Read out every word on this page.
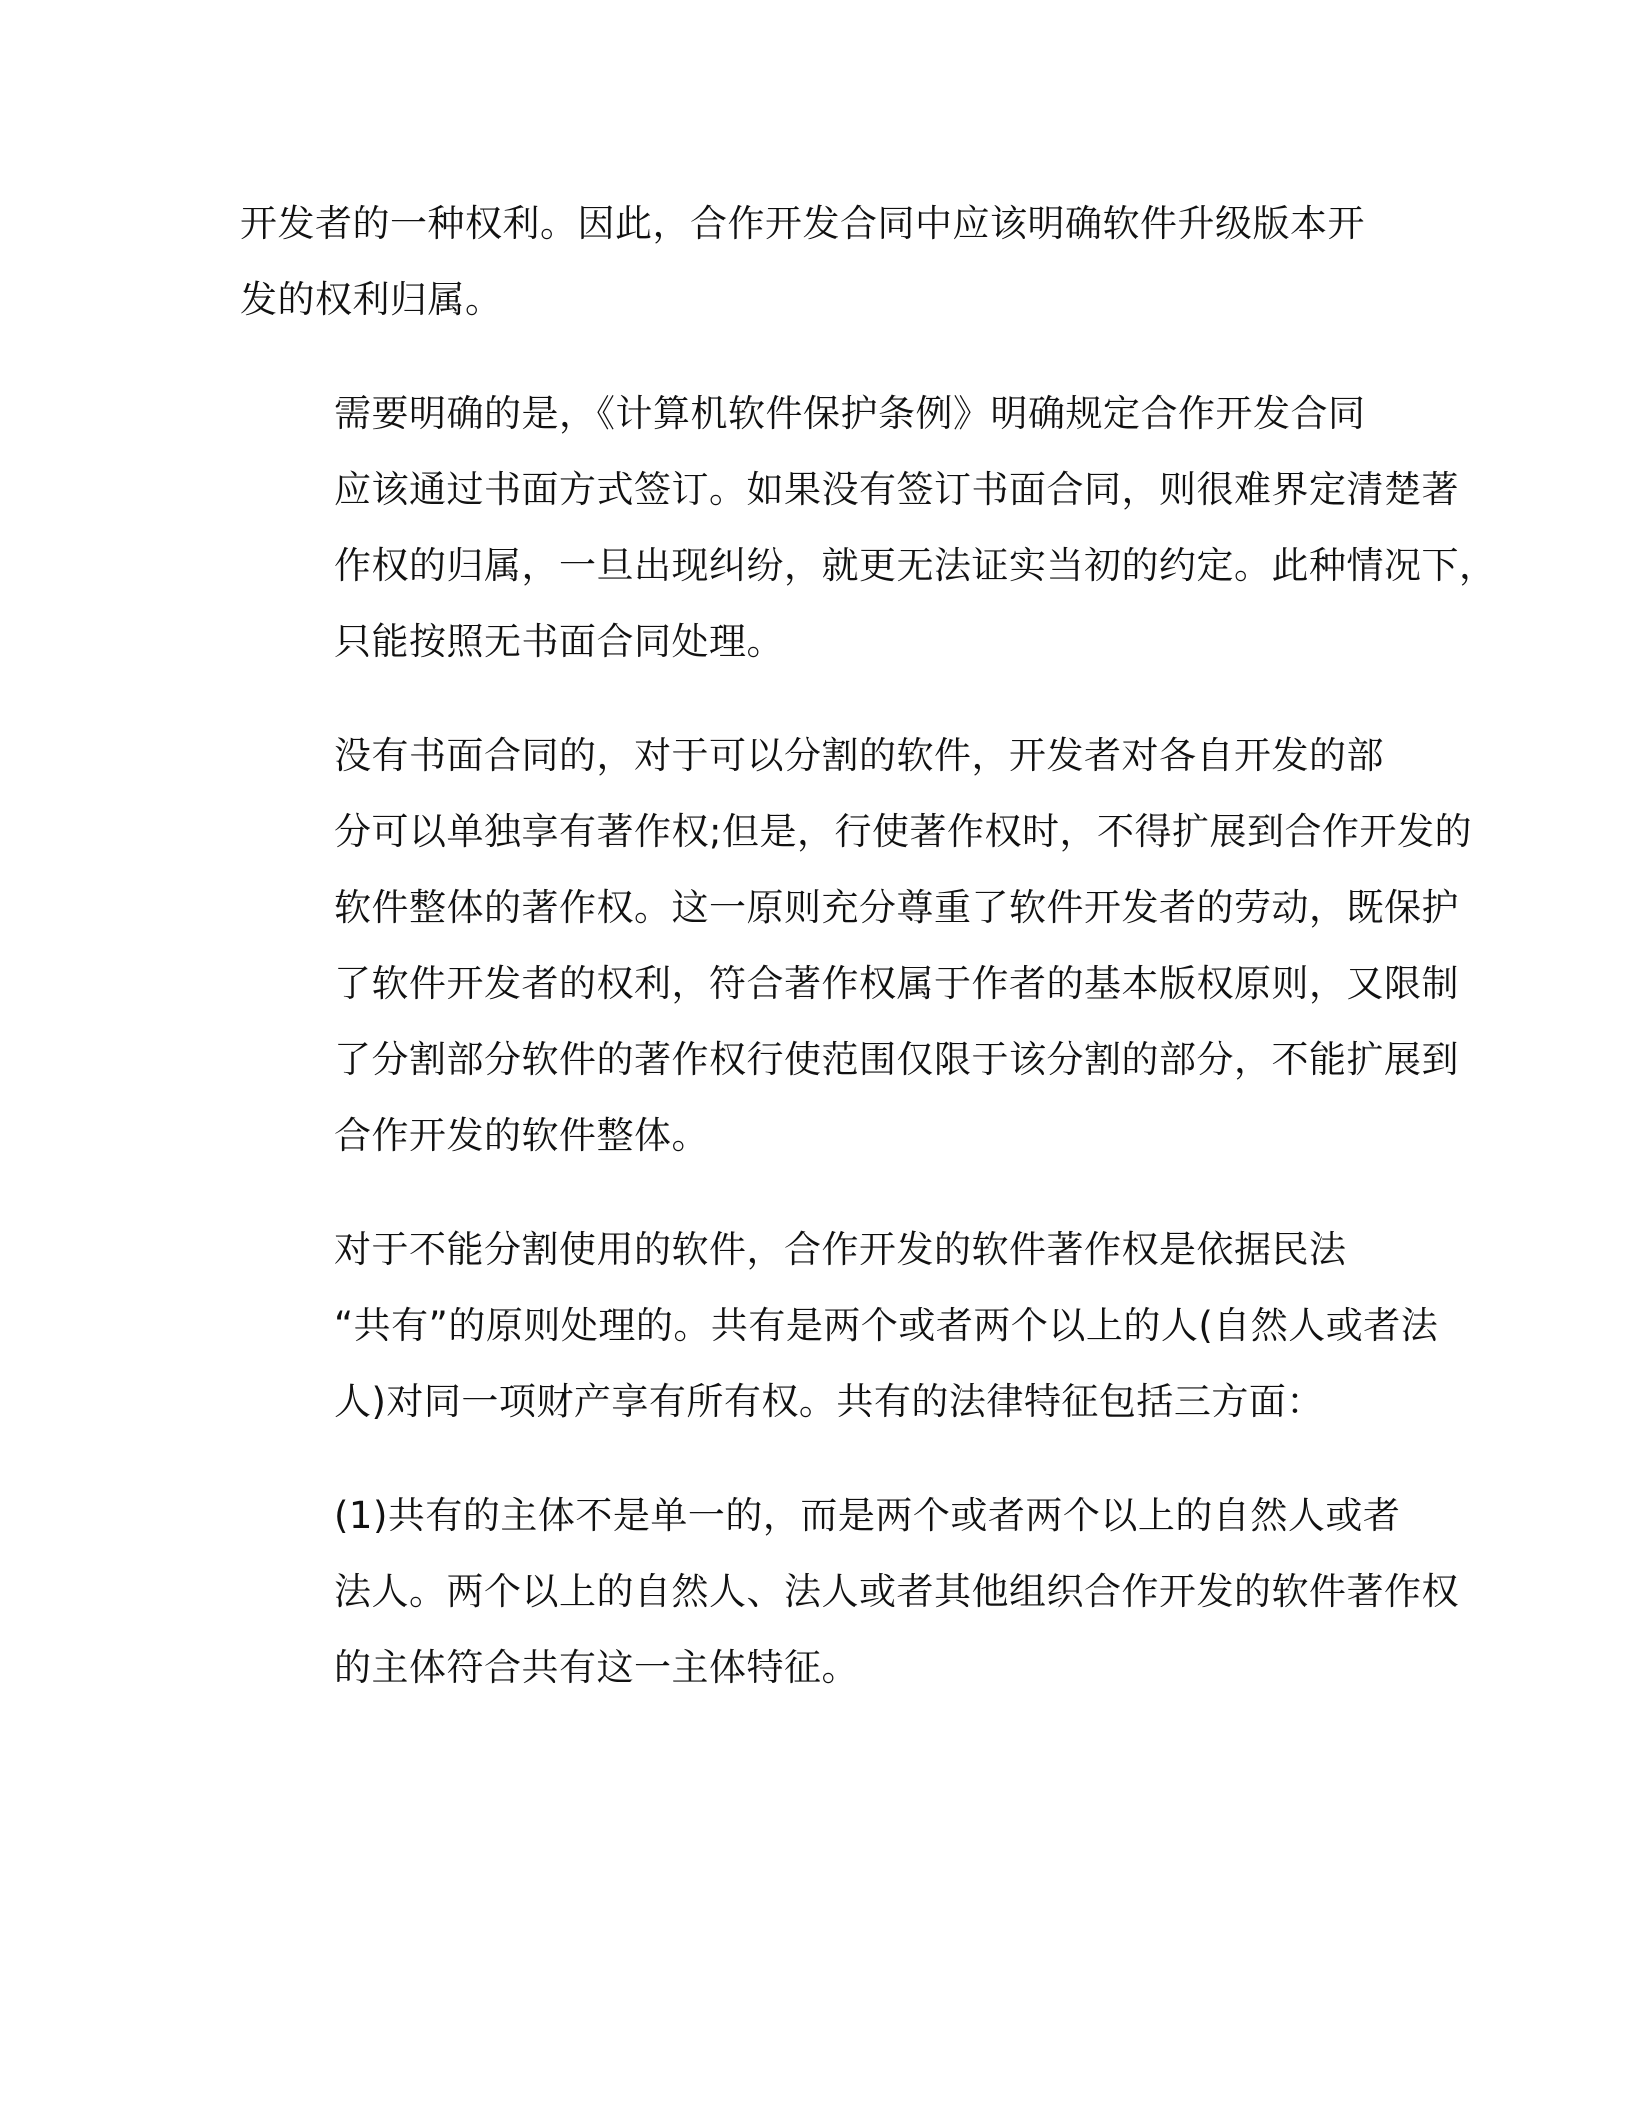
开发者的一种权利。因此，合作开发合同中应该明确软件升级版本开
发的权利归属。

需要明确的是，《计算机软件保护条例》明确规定合作开发合同
应该通过书面方式签订。如果没有签订书面合同，则很难界定清楚著
作权的归属，一旦出现纠纷，就更无法证实当初的约定。此种情况下，
只能按照无书面合同处理。

没有书面合同的，对于可以分割的软件，开发者对各自开发的部
分可以单独享有著作权;但是，行使著作权时，不得扩展到合作开发的
软件整体的著作权。这一原则充分尊重了软件开发者的劳动，既保护
了软件开发者的权利，符合著作权属于作者的基本版权原则，又限制
了分割部分软件的著作权行使范围仅限于该分割的部分，不能扩展到
合作开发的软件整体。

对于不能分割使用的软件，合作开发的软件著作权是依据民法
“共有”的原则处理的。共有是两个或者两个以上的人(自然人或者法
人)对同一项财产享有所有权。共有的法律特征包括三方面：

(1)共有的主体不是单一的，而是两个或者两个以上的自然人或者
法人。两个以上的自然人、法人或者其他组织合作开发的软件著作权
的主体符合共有这一主体特征。
